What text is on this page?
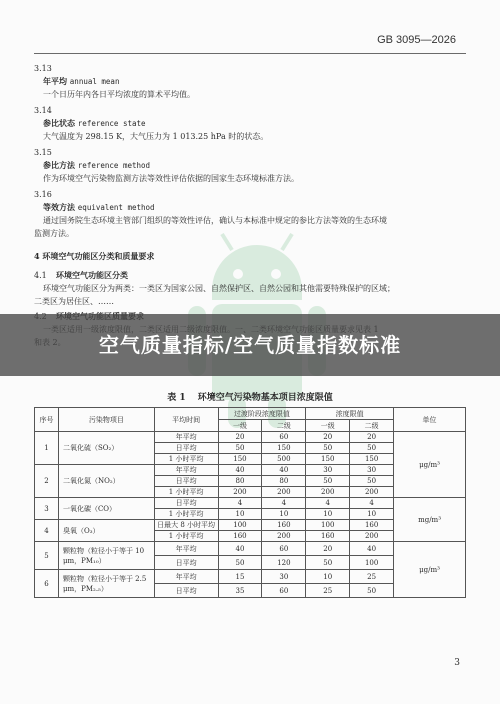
GB 3095—2026

3.13

年平均 annual mean

一个日历年内各日平均浓度的算术平均值。

3.14

参比状态 reference state

大气温度为 298.15 K，大气压力为 1 013.25 hPa 时的状态。

3.15

参比方法 reference method

作为环境空气污染物监测方法等效性评估依据的国家生态环境标准方法。

3.16

等效方法 equivalent method

通过国务院生态环境主管部门组织的等效性评估，确认与本标准中规定的参比方法等效的生态环境

监测方法。

4 环境空气功能区分类和质量要求
4.1 环境空气功能区分类

环境空气功能区分为两类：一类区为国家公园、自然保护区、自然公园和其他需要特殊保护的区域；

二类区为居住区、……

空气质量指标/空气质量指数标准
表 1 环境空气污染物基本项目浓度限值
序号	污染物项目	平均时间	过渡阶段浓度限值		浓度限值		单位
			一级	二级	一级	二级	
1	二氧化硫（SO₂）	年平均	20	60	20	20	μg/m³
		日平均	50	150	50	50	
		1 小时平均	150	500	150	150	
2	二氧化氮（NO₂）	年平均	40	40	30	30	
		日平均	80	80	50	50	
		1 小时平均	200	200	200	200	
3	一氧化碳（CO）	日平均	4	4	4	4	mg/m³
		1 小时平均	10	10	10	10	
4	臭氧（O₃）	日最大 8 小时平均	100	160	100	160	
		1 小时平均	160	200	160	200	
5	颗粒物（粒径小于等于 10 μm，PM₁₀）	年平均	40	60	20	40	μg/m³
		日平均	50	120	50	100	
6	颗粒物（粒径小于等于 2.5 μm，PM₂.₅）	年平均	15	30	10	25	
		日平均	35	60	25	50	
3
